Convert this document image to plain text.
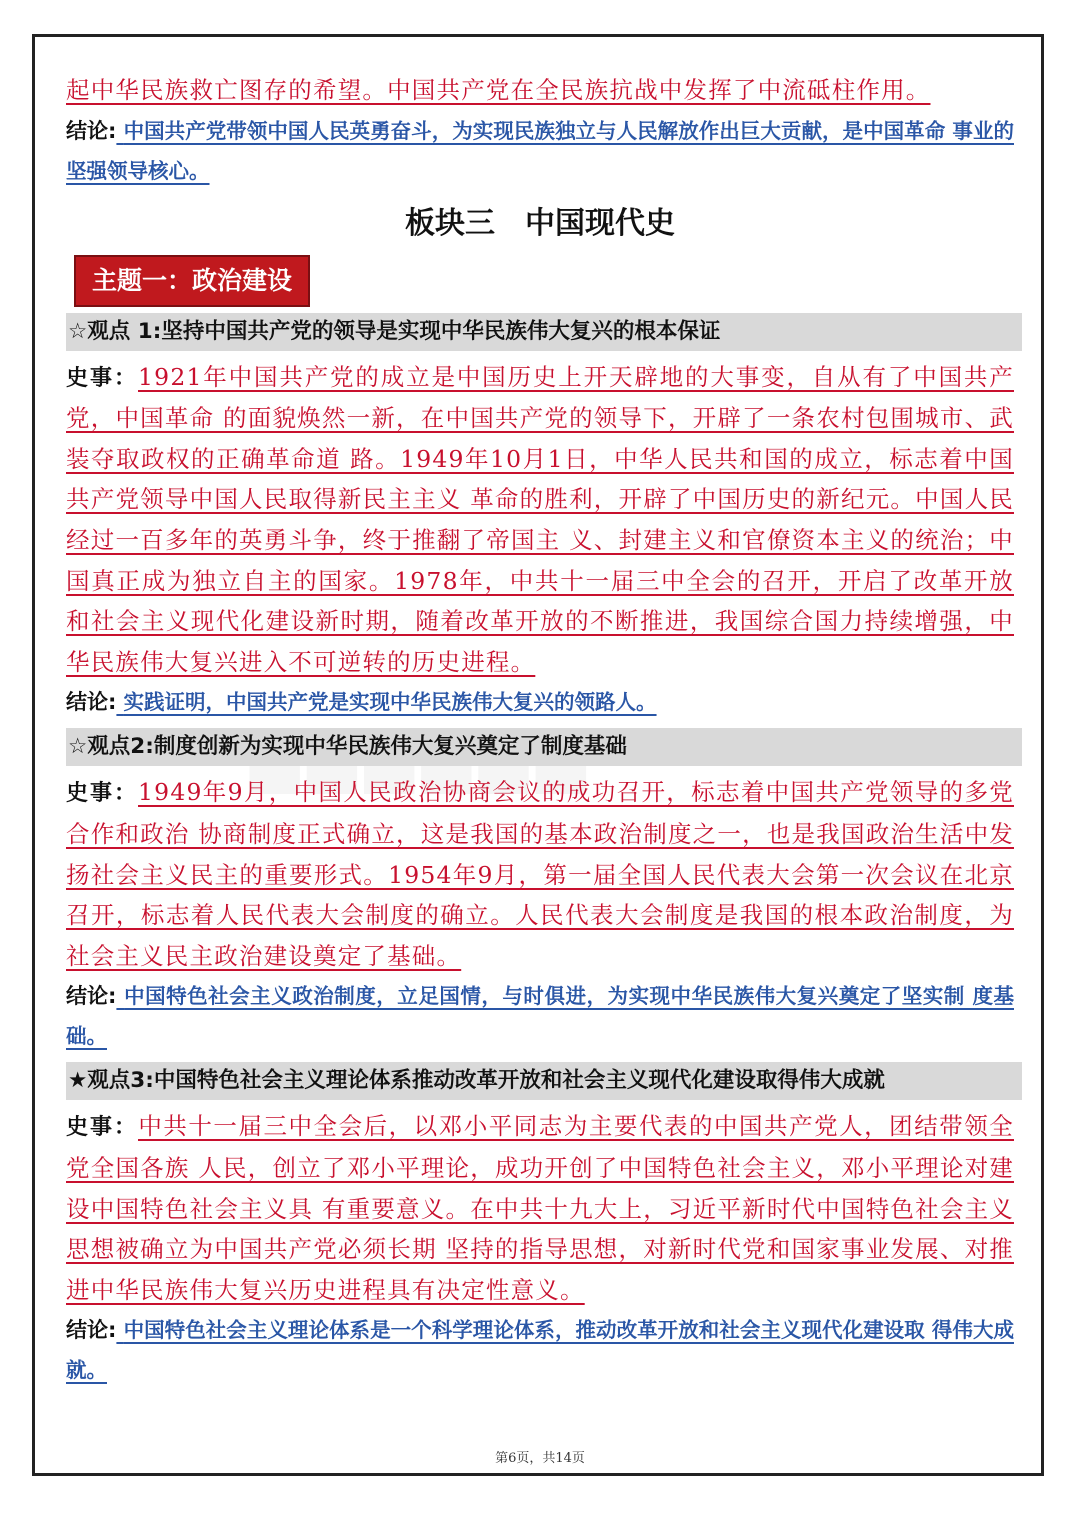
起中华民族救亡图存的希望。中国共产党在全民族抗战中发挥了中流砥柱作用。

结论: 中国共产党带领中国人民英勇奋斗，为实现民族独立与人民解放作出巨大贡献，是中国革命 事业的坚强领导核心。

板块三　中国现代史
主题一：政治建设
☆观点 1:坚持中国共产党的领导是实现中华民族伟大复兴的根本保证

史事：1921年中国共产党的成立是中国历史上开天辟地的大事变，自从有了中国共产党，中国革命 的面貌焕然一新，在中国共产党的领导下，开辟了一条农村包围城市、武装夺取政权的正确革命道 路。1949年10月1日，中华人民共和国的成立，标志着中国共产党领导中国人民取得新民主主义 革命的胜利，开辟了中国历史的新纪元。中国人民经过一百多年的英勇斗争，终于推翻了帝国主 义、封建主义和官僚资本主义的统治；中国真正成为独立自主的国家。1978年，中共十一届三中全会的召开，开启了改革开放和社会主义现代化建设新时期，随着改革开放的不断推进，我国综合国力持续增强，中华民族伟大复兴进入不可逆转的历史进程。

结论: 实践证明，中国共产党是实现中华民族伟大复兴的领路人。

☆观点2:制度创新为实现中华民族伟大复兴奠定了制度基础

史事：1949年9月，中国人民政治协商会议的成功召开，标志着中国共产党领导的多党合作和政治 协商制度正式确立，这是我国的基本政治制度之一，也是我国政治生活中发扬社会主义民主的重要形式。1954年9月，第一届全国人民代表大会第一次会议在北京召开，标志着人民代表大会制度的确立。人民代表大会制度是我国的根本政治制度，为社会主义民主政治建设奠定了基础。

结论: 中国特色社会主义政治制度，立足国情，与时俱进，为实现中华民族伟大复兴奠定了坚实制 度基础。

★观点3:中国特色社会主义理论体系推动改革开放和社会主义现代化建设取得伟大成就

史事：中共十一届三中全会后，以邓小平同志为主要代表的中国共产党人，团结带领全党全国各族 人民，创立了邓小平理论，成功开创了中国特色社会主义，邓小平理论对建设中国特色社会主义具 有重要意义。在中共十九大上，习近平新时代中国特色社会主义思想被确立为中国共产党必须长期 坚持的指导思想，对新时代党和国家事业发展、对推进中华民族伟大复兴历史进程具有决定性意义。

结论: 中国特色社会主义理论体系是一个科学理论体系，推动改革开放和社会主义现代化建设取 得伟大成就。

第6页，共14页
